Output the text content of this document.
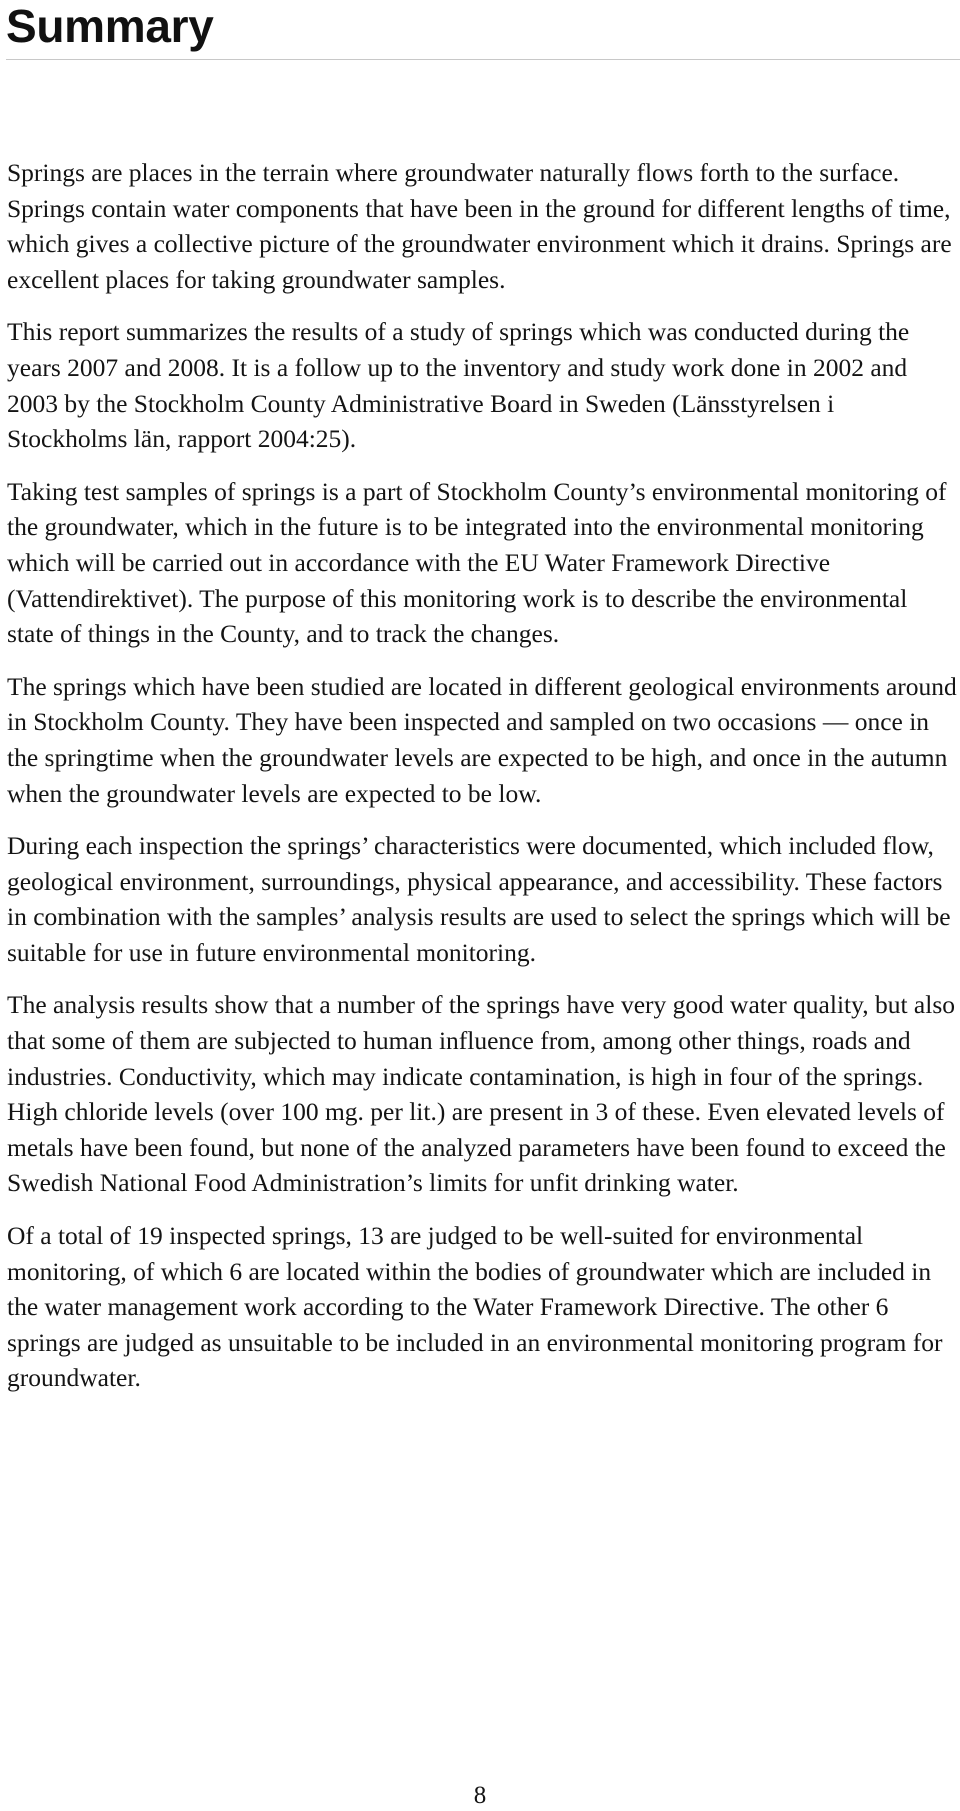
Summary

Springs are places in the terrain where groundwater naturally flows forth to the surface. Springs contain water components that have been in the ground for different lengths of time, which gives a collective picture of the groundwater environment which it drains. Springs are excellent places for taking groundwater samples.

This report summarizes the results of a study of springs which was conducted during the years 2007 and 2008. It is a follow up to the inventory and study work done in 2002 and 2003 by the Stockholm County Administrative Board in Sweden (Länsstyrelsen i Stockholms län, rapport 2004:25).

Taking test samples of springs is a part of Stockholm County’s environmental monitoring of the groundwater, which in the future is to be integrated into the environmental monitoring which will be carried out in accordance with the EU Water Framework Directive (Vattendirektivet). The purpose of this monitoring work is to describe the environmental state of things in the County, and to track the changes.

The springs which have been studied are located in different geological environments around in Stockholm County. They have been inspected and sampled on two occasions — once in the springtime when the groundwater levels are expected to be high, and once in the autumn when the groundwater levels are expected to be low.

During each inspection the springs’ characteristics were documented, which included flow, geological environment, surroundings, physical appearance, and accessibility. These factors in combination with the samples’ analysis results are used to select the springs which will be suitable for use in future environmental monitoring.

The analysis results show that a number of the springs have very good water quality, but also that some of them are subjected to human influence from, among other things, roads and industries. Conductivity, which may indicate contamination, is high in four of the springs. High chloride levels (over 100 mg. per lit.) are present in 3 of these. Even elevated levels of metals have been found, but none of the analyzed parameters have been found to exceed the Swedish National Food Administration’s limits for unfit drinking water.

Of a total of 19 inspected springs, 13 are judged to be well-suited for environmental monitoring, of which 6 are located within the bodies of groundwater which are included in the water management work according to the Water Framework Directive. The other 6 springs are judged as unsuitable to be included in an environmental monitoring program for groundwater.

8
